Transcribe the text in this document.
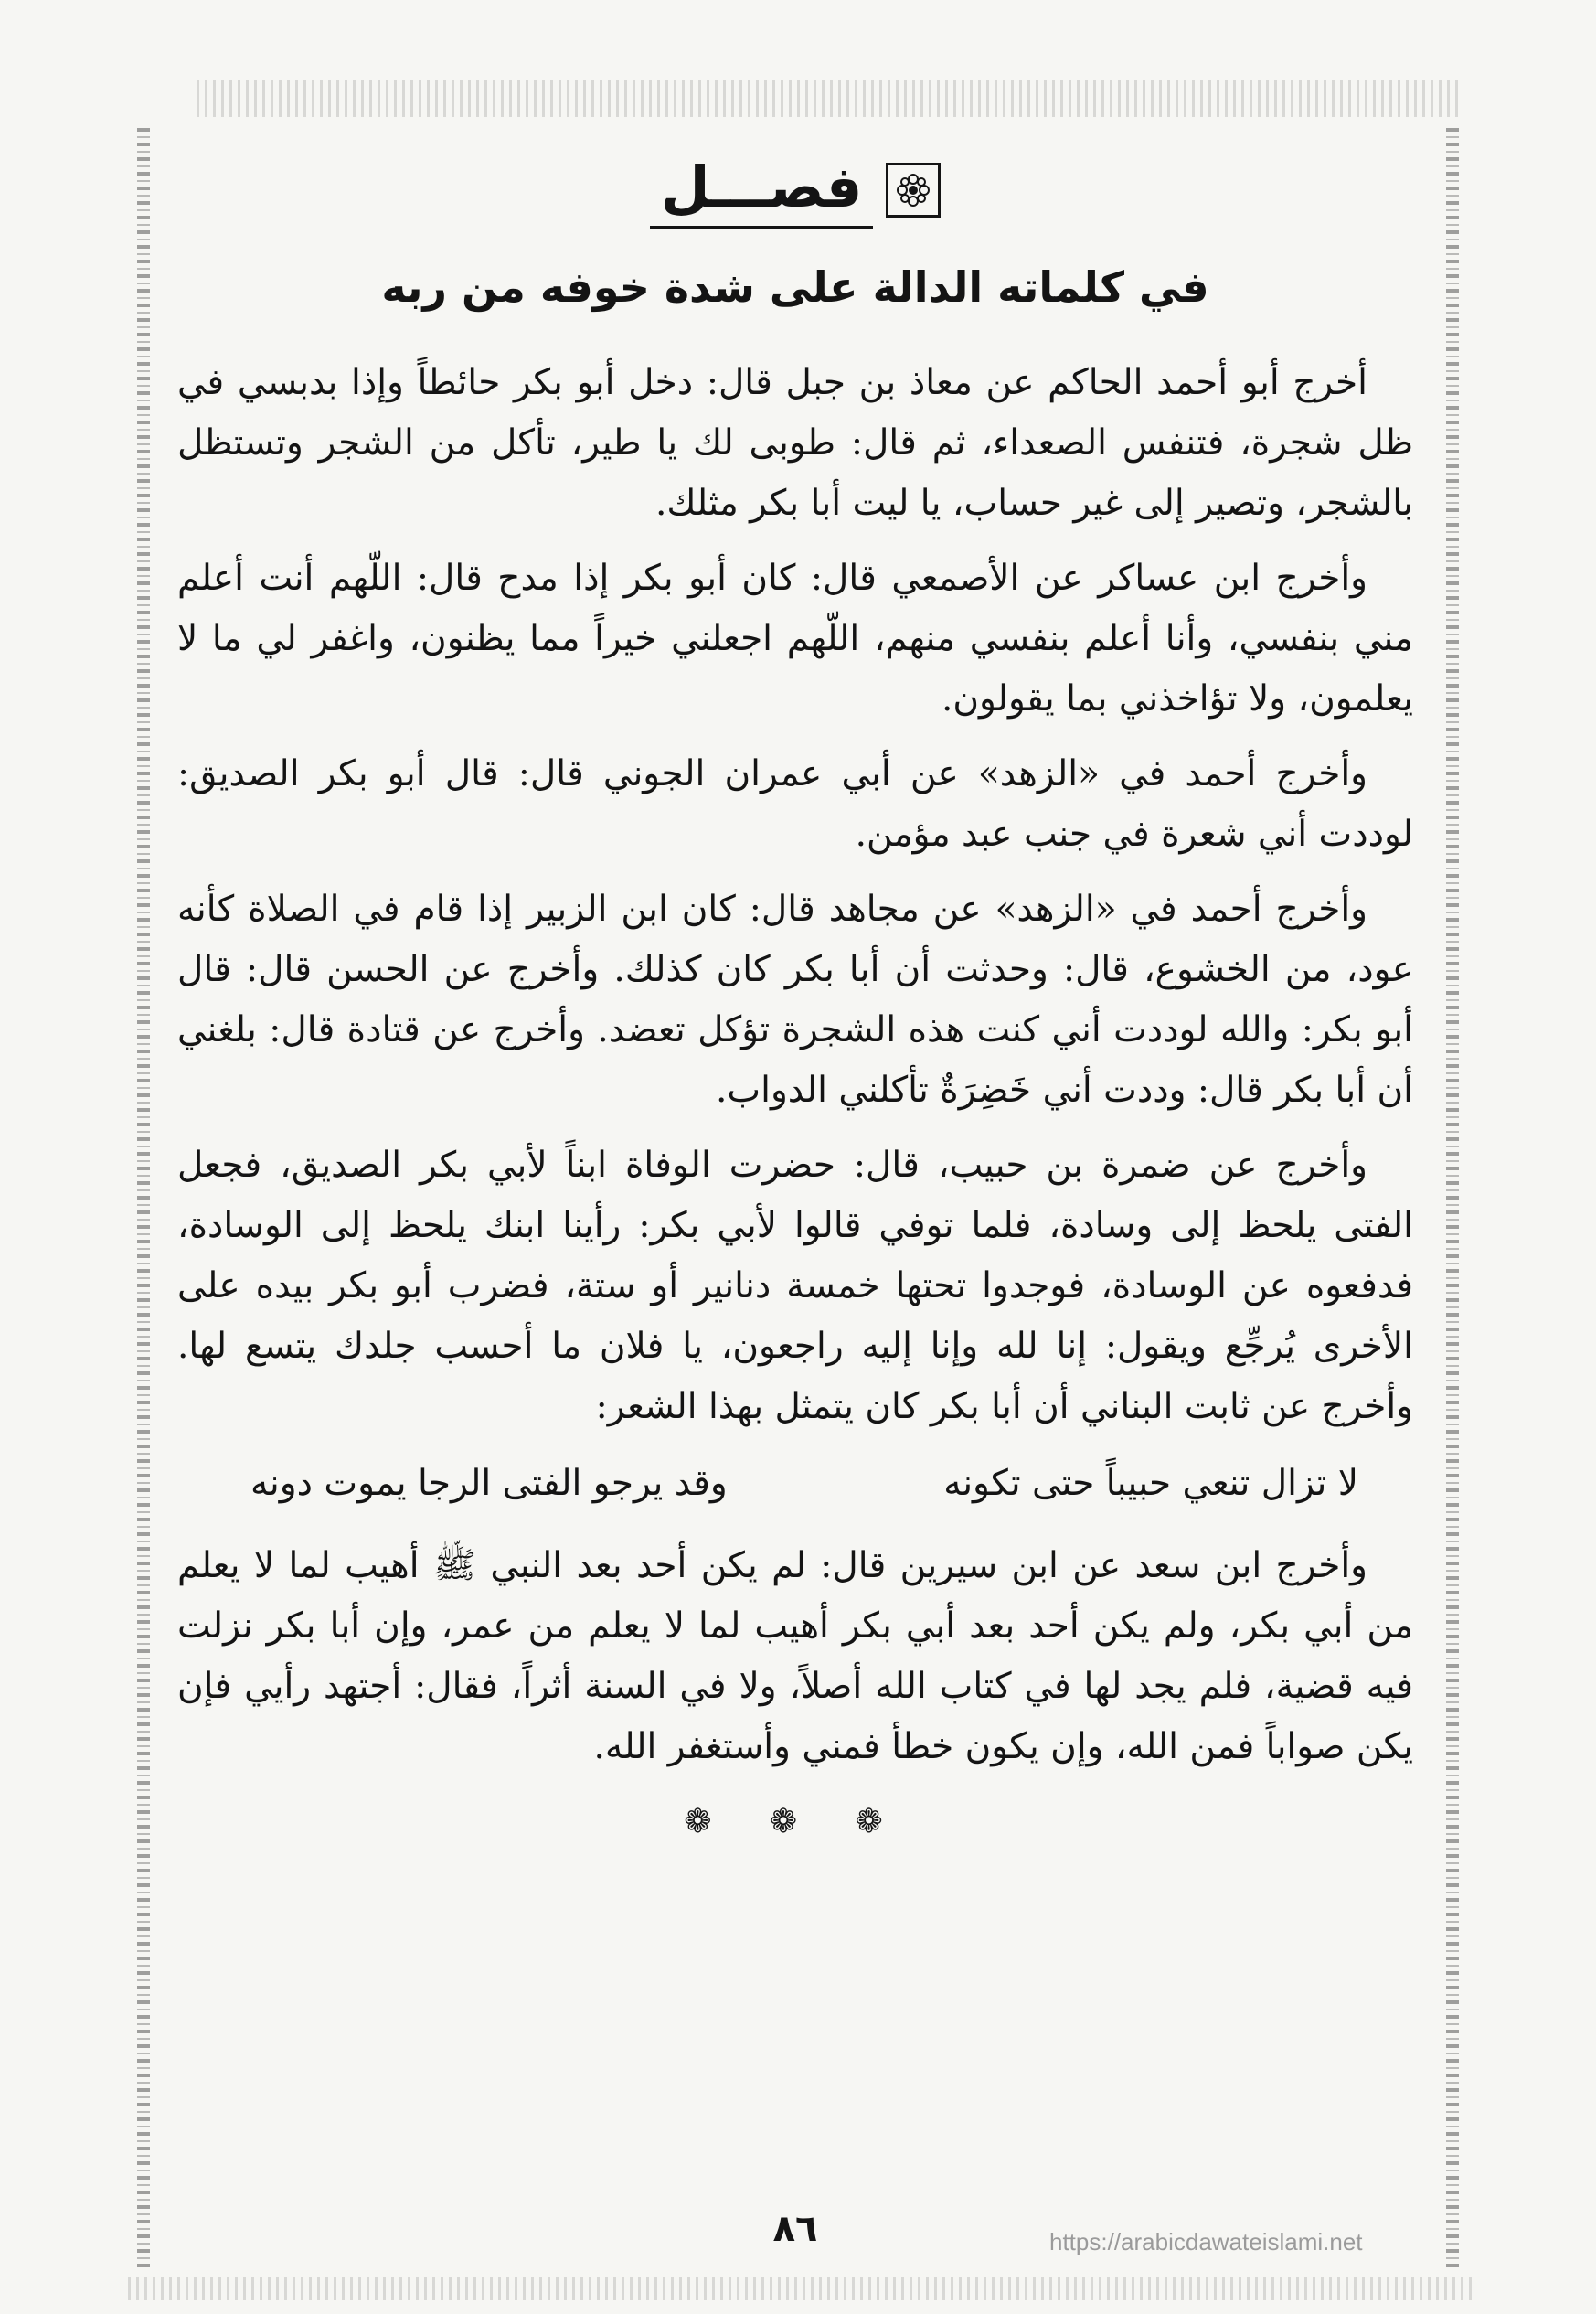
فصـــل
في كلماته الدالة على شدة خوفه من ربه

أخرج أبو أحمد الحاكم عن معاذ بن جبل قال: دخل أبو بكر حائطاً وإذا بدبسي في ظل شجرة، فتنفس الصعداء، ثم قال: طوبى لك يا طير، تأكل من الشجر وتستظل بالشجر، وتصير إلى غير حساب، يا ليت أبا بكر مثلك.

وأخرج ابن عساكر عن الأصمعي قال: كان أبو بكر إذا مدح قال: اللّهم أنت أعلم مني بنفسي، وأنا أعلم بنفسي منهم، اللّهم اجعلني خيراً مما يظنون، واغفر لي ما لا يعلمون، ولا تؤاخذني بما يقولون.

وأخرج أحمد في «الزهد» عن أبي عمران الجوني قال: قال أبو بكر الصديق: لوددت أني شعرة في جنب عبد مؤمن.

وأخرج أحمد في «الزهد» عن مجاهد قال: كان ابن الزبير إذا قام في الصلاة كأنه عود، من الخشوع، قال: وحدثت أن أبا بكر كان كذلك. وأخرج عن الحسن قال: قال أبو بكر: والله لوددت أني كنت هذه الشجرة تؤكل تعضد. وأخرج عن قتادة قال: بلغني أن أبا بكر قال: وددت أني خَضِرَةٌ تأكلني الدواب.

وأخرج عن ضمرة بن حبيب، قال: حضرت الوفاة ابناً لأبي بكر الصديق، فجعل الفتى يلحظ إلى وسادة، فلما توفي قالوا لأبي بكر: رأينا ابنك يلحظ إلى الوسادة، فدفعوه عن الوسادة، فوجدوا تحتها خمسة دنانير أو ستة، فضرب أبو بكر بيده على الأخرى يُرجِّع ويقول: إنا لله وإنا إليه راجعون، يا فلان ما أحسب جلدك يتسع لها. وأخرج عن ثابت البناني أن أبا بكر كان يتمثل بهذا الشعر:

لا تزال تنعي حبيباً حتى تكونه
وقد يرجو الفتى الرجا يموت دونه

وأخرج ابن سعد عن ابن سيرين قال: لم يكن أحد بعد النبي ﷺ أهيب لما لا يعلم من أبي بكر، ولم يكن أحد بعد أبي بكر أهيب لما لا يعلم من عمر، وإن أبا بكر نزلت فيه قضية، فلم يجد لها في كتاب الله أصلاً، ولا في السنة أثراً، فقال: أجتهد رأيي فإن يكن صواباً فمن الله، وإن يكون خطأ فمني وأستغفر الله.

❁ ❁ ❁
٨٦	https://arabicdawateislami.net
